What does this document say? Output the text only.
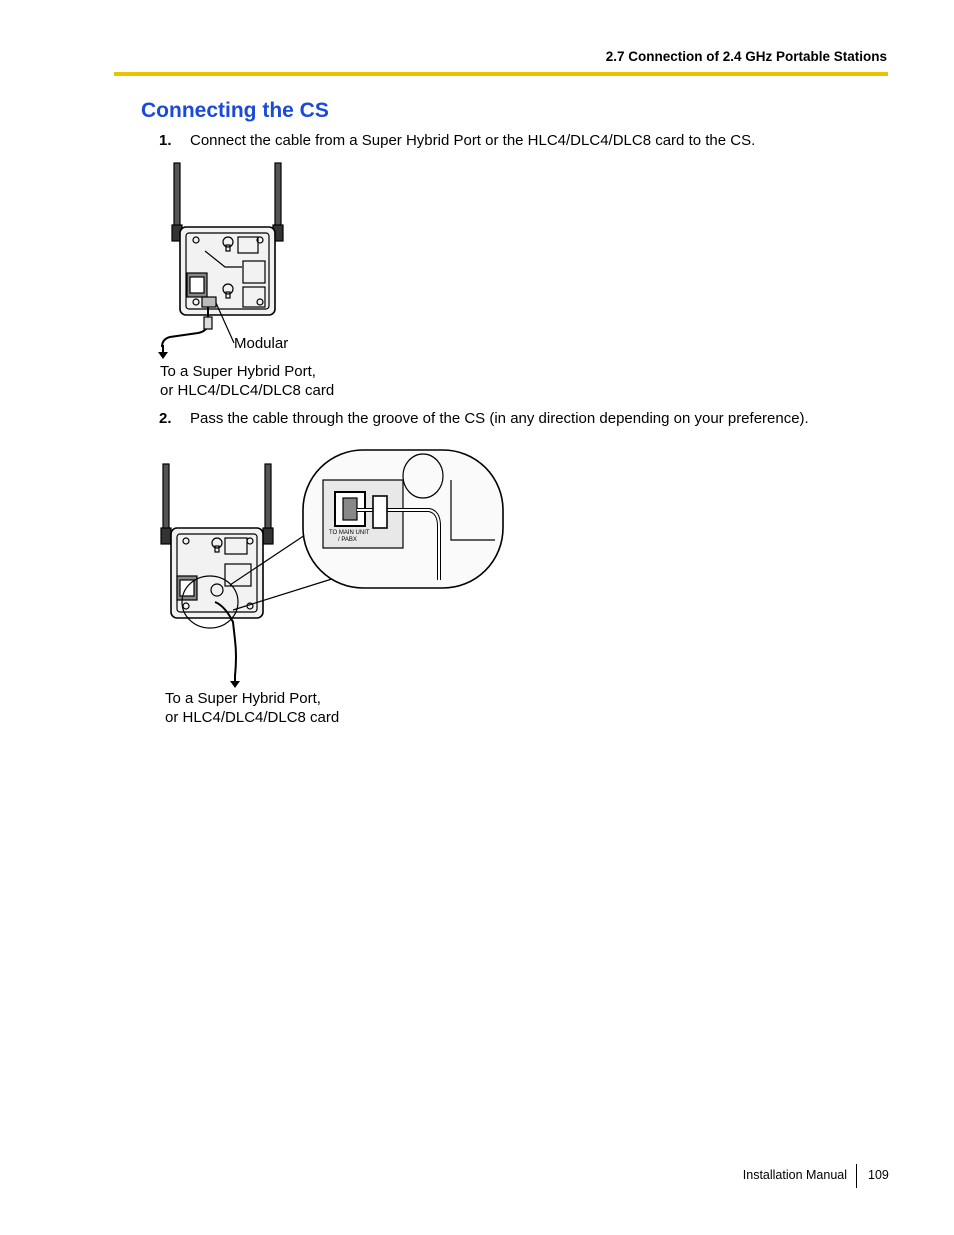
2.7 Connection of 2.4 GHz Portable Stations
Connecting the CS
1. Connect the cable from a Super Hybrid Port or the HLC4/DLC4/DLC8 card to the CS.
Modular
To a Super Hybrid Port,
or HLC4/DLC4/DLC8 card
2. Pass the cable through the groove of the CS (in any direction depending on your preference).
TO MAIN UNIT
/ PABX
To a Super Hybrid Port,
or HLC4/DLC4/DLC8 card
Installation Manual 109
